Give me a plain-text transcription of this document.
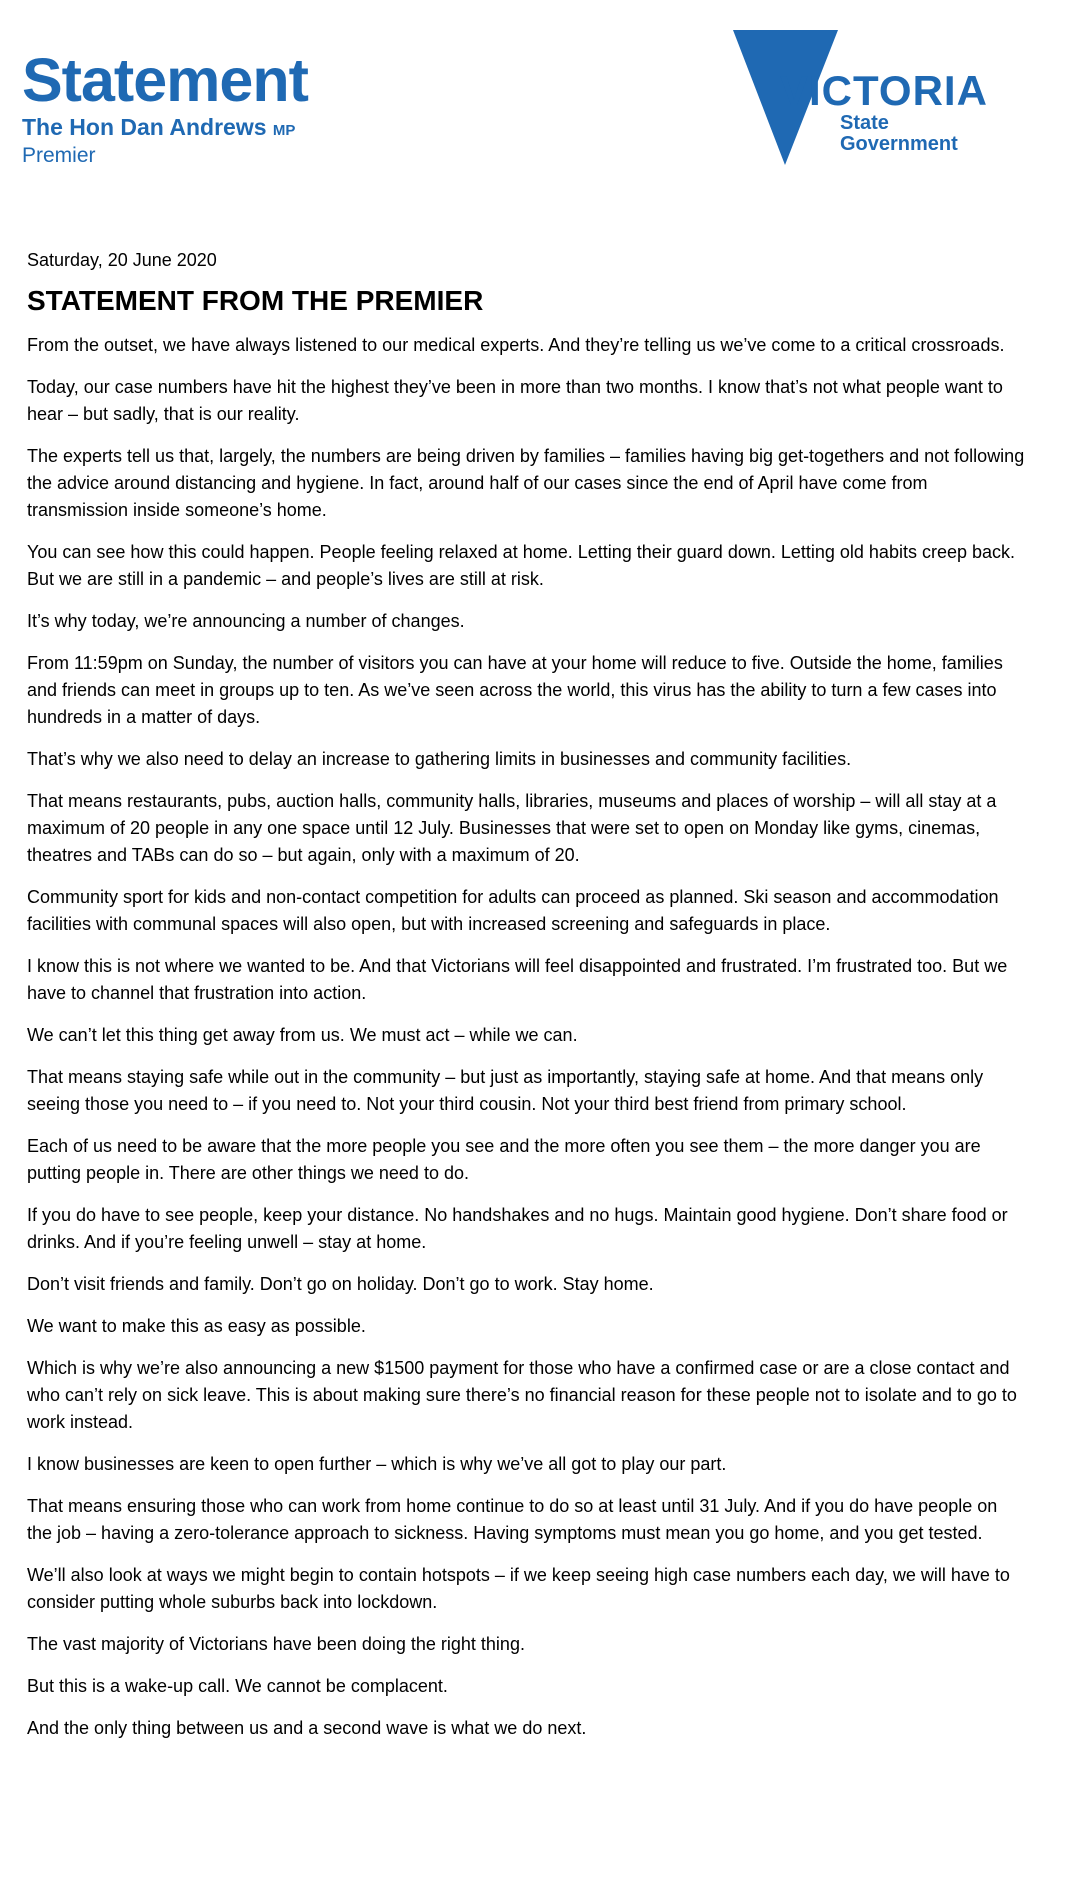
Statement
The Hon Dan Andrews MP
Premier
VICTORIA
State
Government
Saturday, 20 June 2020
STATEMENT FROM THE PREMIER

From the outset, we have always listened to our medical experts. And they’re telling us we’ve come to a critical crossroads.

Today, our case numbers have hit the highest they’ve been in more than two months. I know that’s not what people want to hear – but sadly, that is our reality.

The experts tell us that, largely, the numbers are being driven by families – families having big get-togethers and not following the advice around distancing and hygiene. In fact, around half of our cases since the end of April have come from transmission inside someone’s home.

You can see how this could happen. People feeling relaxed at home. Letting their guard down. Letting old habits creep back. But we are still in a pandemic – and people’s lives are still at risk.

It’s why today, we’re announcing a number of changes.

From 11:59pm on Sunday, the number of visitors you can have at your home will reduce to five. Outside the home, families and friends can meet in groups up to ten. As we’ve seen across the world, this virus has the ability to turn a few cases into hundreds in a matter of days.

That’s why we also need to delay an increase to gathering limits in businesses and community facilities.

That means restaurants, pubs, auction halls, community halls, libraries, museums and places of worship – will all stay at a maximum of 20 people in any one space until 12 July. Businesses that were set to open on Monday like gyms, cinemas, theatres and TABs can do so – but again, only with a maximum of 20.

Community sport for kids and non-contact competition for adults can proceed as planned. Ski season and accommodation facilities with communal spaces will also open, but with increased screening and safeguards in place.

I know this is not where we wanted to be. And that Victorians will feel disappointed and frustrated. I’m frustrated too. But we have to channel that frustration into action.

We can’t let this thing get away from us. We must act – while we can.

That means staying safe while out in the community – but just as importantly, staying safe at home. And that means only seeing those you need to – if you need to. Not your third cousin. Not your third best friend from primary school.

Each of us need to be aware that the more people you see and the more often you see them – the more danger you are putting people in. There are other things we need to do.

If you do have to see people, keep your distance. No handshakes and no hugs. Maintain good hygiene. Don’t share food or drinks. And if you’re feeling unwell – stay at home.

Don’t visit friends and family. Don’t go on holiday. Don’t go to work. Stay home.

We want to make this as easy as possible.

Which is why we’re also announcing a new $1500 payment for those who have a confirmed case or are a close contact and who can’t rely on sick leave. This is about making sure there’s no financial reason for these people not to isolate and to go to work instead.

I know businesses are keen to open further – which is why we’ve all got to play our part.

That means ensuring those who can work from home continue to do so at least until 31 July. And if you do have people on the job – having a zero-tolerance approach to sickness. Having symptoms must mean you go home, and you get tested.

We’ll also look at ways we might begin to contain hotspots – if we keep seeing high case numbers each day, we will have to consider putting whole suburbs back into lockdown.

The vast majority of Victorians have been doing the right thing.

But this is a wake-up call. We cannot be complacent.

And the only thing between us and a second wave is what we do next.
